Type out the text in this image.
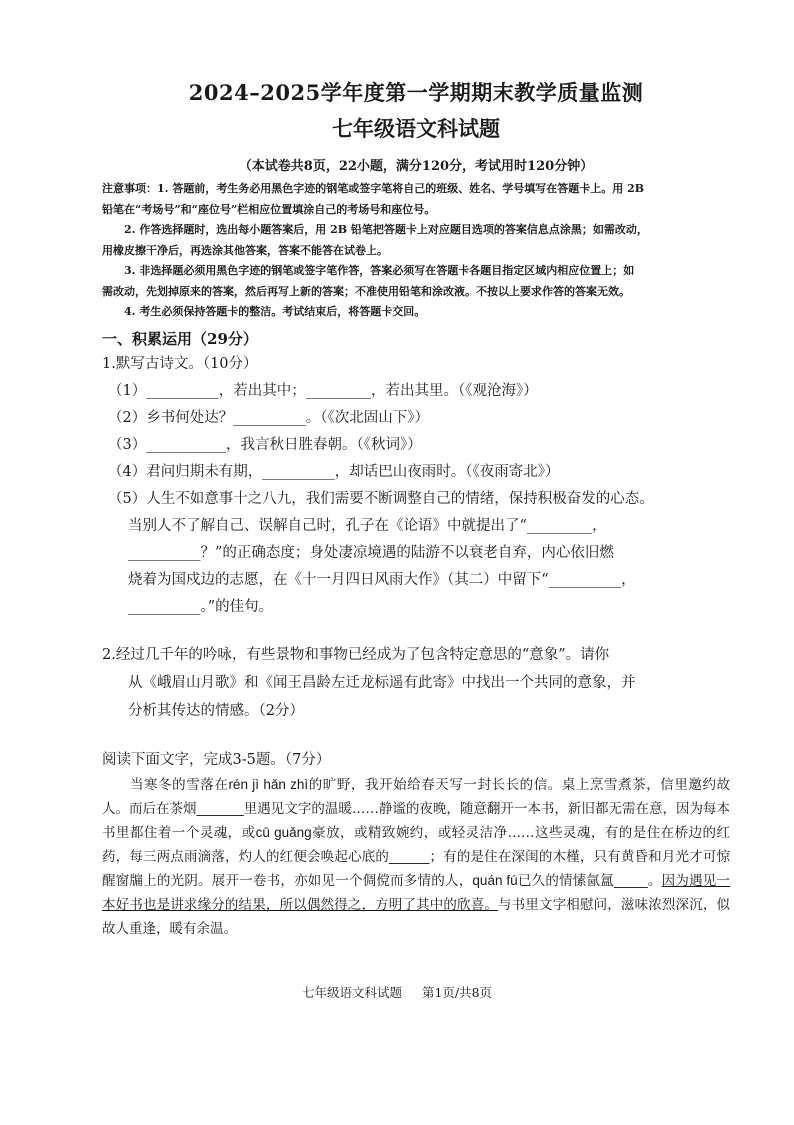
2024–2025学年度第一学期期末教学质量监测
七年级语文科试题
（本试卷共8页，22小题，满分120分，考试用时120分钟）

注意事项：1. 答题前，考生务必用黑色字迹的钢笔或签字笔将自己的班级、姓名、学号填写在答题卡上。用 2B

铅笔在“考场号”和“座位号”栏相应位置填涂自己的考场号和座位号。

2. 作答选择题时，选出每小题答案后，用 2B 铅笔把答题卡上对应题目选项的答案信息点涂黑；如需改动，

用橡皮擦干净后，再选涂其他答案，答案不能答在试卷上。

3. 非选择题必须用黑色字迹的钢笔或签字笔作答，答案必须写在答题卡各题目指定区域内相应位置上；如

需改动，先划掉原来的答案，然后再写上新的答案；不准使用铅笔和涂改液。不按以上要求作答的答案无效。

4. 考生必须保持答题卡的整洁。考试结束后，将答题卡交回。

一、积累运用（29分）

1.默写古诗文。（10分）

（1）__________，若出其中；_________，若出其里。（《观沧海》）

（2）乡书何处达？__________。（《次北固山下》）

（3）___________，我言秋日胜春朝。（《秋词》）

（4）君问归期未有期，__________，却话巴山夜雨时。（《夜雨寄北》）

（5）人生不如意事十之八九，我们需要不断调整自己的情绪，保持积极奋发的心态。

当别人不了解自己、误解自己时，孔子在《论语》中就提出了“_________，

__________？”的正确态度；身处凄凉境遇的陆游不以衰老自弃，内心依旧燃

烧着为国戍边的志愿，在《十一月四日风雨大作》（其二）中留下“__________，

__________。”的佳句。

2.经过几千年的吟咏，有些景物和事物已经成为了包含特定意思的“意象”。请你

从《峨眉山月歌》和《闻王昌龄左迁龙标遥有此寄》中找出一个共同的意象，并

分析其传达的情感。（2分）

阅读下面文字，完成3-5题。（7分）

当寒冬的雪落在rén jì hǎn zhì的旷野，我开始给春天写一封长长的信。桌上烹雪煮茶，信里邀约故人。而后在茶烟_______里遇见文字的温暖……静谧的夜晚，随意翻开一本书，新旧都无需在意，因为每本书里都住着一个灵魂，或cū guǎng豪放，或精致婉约，或轻灵洁净……这些灵魂，有的是住在桥边的红药，每三两点雨滴落，灼人的红便会唤起心底的______；有的是住在深闺的木槿，只有黄昏和月光才可惊醒窗牖上的光阴。展开一卷书，亦如见一个倜傥而多情的人，quán fú已久的情愫氤氲_____。因为遇见一本好书也是讲求缘分的结果，所以偶然得之，方明了其中的欣喜。与书里文字相慰问，滋味浓烈深沉，似故人重逢，暖有余温。

七年级语文科试题 第1页/共8页
